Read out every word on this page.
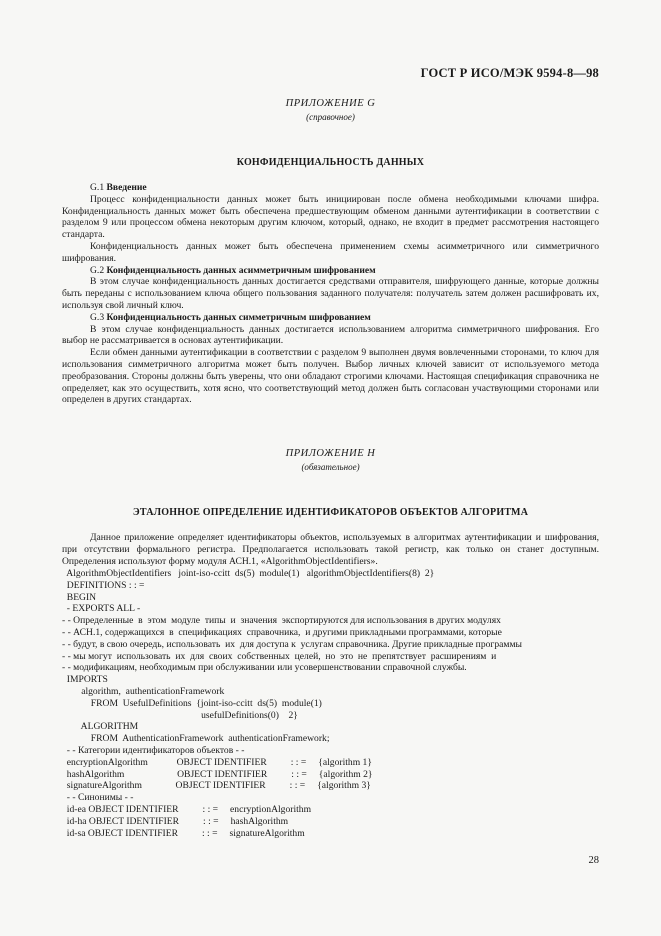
ГОСТ Р ИСО/МЭК 9594-8—98
ПРИЛОЖЕНИЕ G
(справочное)
КОНФИДЕНЦИАЛЬНОСТЬ ДАННЫХ

G.1 Введение

Процесс конфиденциальности данных может быть инициирован после обмена необходимыми ключами шифра. Конфиденциальность данных может быть обеспечена предшествующим обменом данными аутентификации в соответствии с разделом 9 или процессом обмена некоторым другим ключом, который, однако, не входит в предмет рассмотрения настоящего стандарта.

Конфиденциальность данных может быть обеспечена применением схемы асимметричного или симметричного шифрования.

G.2 Конфиденциальность данных асимметричным шифрованием

В этом случае конфиденциальность данных достигается средствами отправителя, шифрующего данные, которые должны быть переданы с использованием ключа общего пользования заданного получателя: получатель затем должен расшифровать их, используя свой личный ключ.

G.3 Конфиденциальность данных симметричным шифрованием

В этом случае конфиденциальность данных достигается использованием алгоритма симметричного шифрования. Его выбор не рассматривается в основах аутентификации.

Если обмен данными аутентификации в соответствии с разделом 9 выполнен двумя вовлеченными сторонами, то ключ для использования симметричного алгоритма может быть получен. Выбор личных ключей зависит от используемого метода преобразования. Стороны должны быть уверены, что они обладают строгими ключами. Настоящая спецификация справочника не определяет, как это осуществить, хотя ясно, что соответствующий метод должен быть согласован участвующими сторонами или определен в других стандартах.

ПРИЛОЖЕНИЕ H
(обязательное)
ЭТАЛОННОЕ ОПРЕДЕЛЕНИЕ ИДЕНТИФИКАТОРОВ ОБЪЕКТОВ АЛГОРИТМА

Данное приложение определяет идентификаторы объектов, используемых в алгоритмах аутентификации и шифрования, при отсутствии формального регистра. Предполагается использовать такой регистр, как только он станет доступным. Определения используют форму модуля АСН.1, «AlgorithmObjectIdentifiers».

AlgorithmObjectIdentifiers   joint-iso-ccitt  ds(5)  module(1)   algorithmObjectIdentifiers(8)  2}
DEFINITIONS : : =
BEGIN
- EXPORTS ALL -
- - Определенные  в  этом  модуле  типы  и  значения  экспортируются для использования в других модулях
- - АСН.1, содержащихся  в  спецификациях  справочника,  и другими прикладными программами, которые
- - будут, в свою очередь, использовать  их  для доступа к  услугам справочника. Другие прикладные программы
- - мы могут  использовать  их  для  своих  собственных  целей,  но  это  не  препятствует  расширениям  и
- - модификациям, необходимым при обслуживании или усовершенствовании справочной службы.
IMPORTS
algorithm,  authenticationFramework
FROM  UsefulDefinitions  {joint-iso-ccitt  ds(5)  module(1)
usefulDefinitions(0)    2}
ALGORITHM
FROM  AuthenticationFramework  authenticationFramework;
- - Категории идентификаторов объектов - -
encryptionAlgorithm            OBJECT IDENTIFIER          : : =     {algorithm 1}
hashAlgorithm                      OBJECT IDENTIFIER          : : =     {algorithm 2}
signatureAlgorithm              OBJECT IDENTIFIER          : : =     {algorithm 3}
- - Синонимы - -
id-ea OBJECT IDENTIFIER          : : =     encryptionAlgorithm
id-ha OBJECT IDENTIFIER          : : =     hashAlgorithm
id-sa OBJECT IDENTIFIER          : : =     signatureAlgorithm
28
